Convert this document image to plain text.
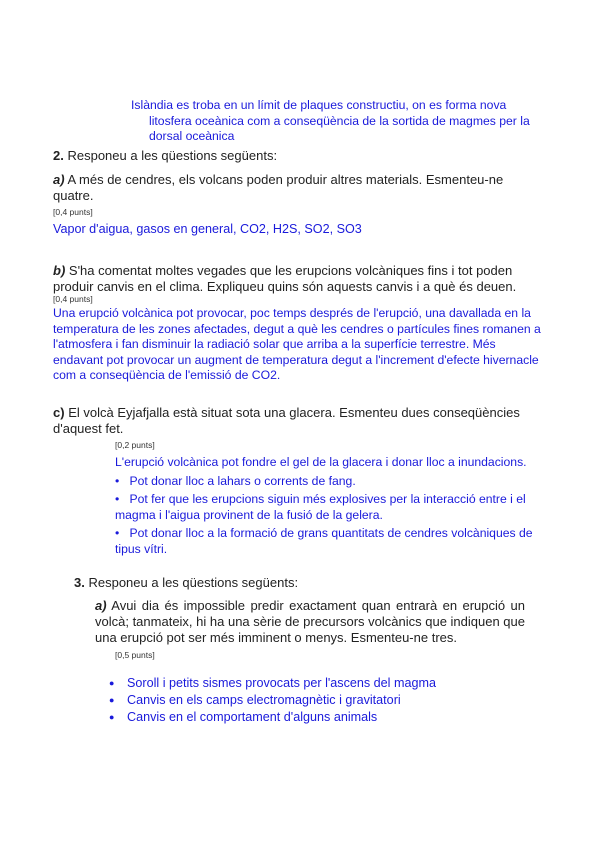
Islàndia es troba en un límit de plaques constructiu, on es forma nova
litosfera oceànica com a conseqüència de la sortida de magmes per la
dorsal oceànica
2. Responeu a les qüestions següents:
a) A més de cendres, els volcans poden produir altres materials. Esmenteu-ne quatre.
[0,4 punts]
Vapor d'aigua, gasos en general, CO2, H2S, SO2, SO3
b) S'ha comentat moltes vegades que les erupcions volcàniques fins i tot poden produir canvis en el clima. Expliqueu quins són aquests canvis i a què és deuen.
[0,4 punts]
Una erupció volcànica pot provocar, poc temps després de l'erupció, una davallada en la temperatura de les zones afectades, degut a què les cendres o partícules fines romanen a l'atmosfera i fan disminuir la radiació solar que arriba a la superfície terrestre. Més endavant pot provocar un augment de temperatura degut a l'increment d'efecte hivernacle com a conseqüència de l'emissió de CO2.
c) El volcà Eyjafjalla està situat sota una glacera. Esmenteu dues conseqüències d'aquest fet.
[0,2 punts]
L'erupció volcànica pot fondre el gel de la glacera i donar lloc a inundacions.
•   Pot donar lloc a lahars o corrents de fang.
•   Pot fer que les erupcions siguin més explosives per la interacció entre i el magma i l'aigua provinent de la fusió de la gelera.
•   Pot donar lloc a la formació de grans quantitats de cendres volcàniques de tipus vítri.
3. Responeu a les qüestions següents:
a) Avui dia és impossible predir exactament quan entrarà en erupció un volcà; tanmateix, hi ha una sèrie de precursors volcànics que indiquen que una erupció pot ser més imminent o menys. Esmenteu-ne tres.
[0,5 punts]
● Soroll i petits sismes provocats per l'ascens del magma
● Canvis en els camps electromagnètic i gravitatori
● Canvis en el comportament d'alguns animals
